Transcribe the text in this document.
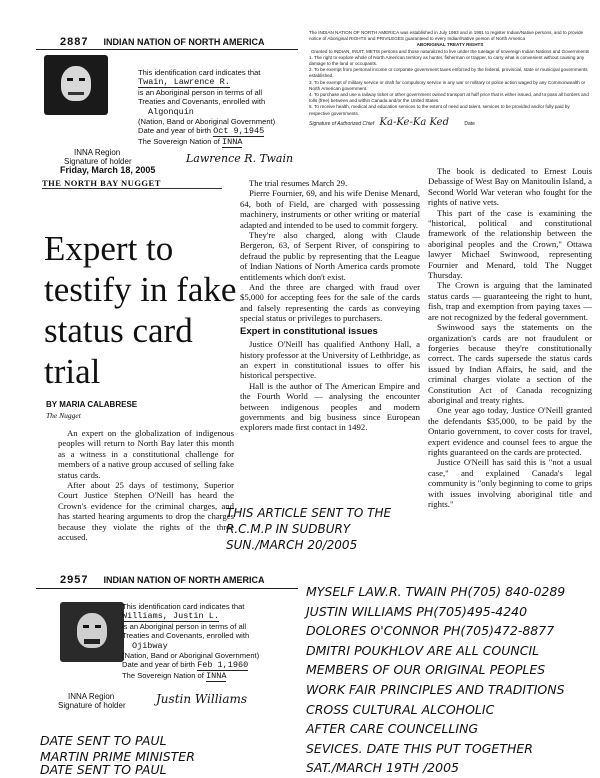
2887 INDIAN NATION OF NORTH AMERICA
This identification card indicates that
Twain, Lawrence R.
is an Aboriginal person in terms of all
Treaties and Covenants, enrolled with
Algonquin
(Nation, Band or Aboriginal Government)
Date and year of birth Oct 9,1945
The Sovereign Nation of INNA
INNA Region
Signature of holder	Lawrence R. Twain

The INDIAN NATION OF NORTH AMERICA was established in July 1993 and in 1991 to register Indian/Native persons, and to provide notice of Aboriginal RIGHTS and PRIVILEGES guaranteed to every Indian/Native person of North America

ABORIGINAL TREATY RIGHTS

Granted to INDIAN, INUIT, METIS persons and those naturalized to live under the tutelage of sovereign Indian Nations and Governments

1. The right to explore whole of North American territory as hunter, fisherman or trapper, to carry what is convenient without causing any damage to the land or occupants.

2. To be exempt from personal income or corporate government taxes enforced by the federal, provincial, state or municipal governments established.

3. To be exempt of military service or draft for compulsory service in any war or military or police action waged by any Commonwealth or North American government.

4. To purchase and use a railway ticket or other government owned transport at half price that is either issued, and to pass all borders and tolls (free) between and within Canada and/or the United States.

5. To receive health, medical and education services to the extent of need and talent, services to be provided and/or fully paid by respective governments.

Signature of Authorized Chief Ka-Ke-Ka Ked	Date

Friday, March 18, 2005
THE NORTH BAY NUGGET
Expert to testify in fake status card trial
BY MARIA CALABRESE
The Nugget

An expert on the globalization of indigenous peoples will return to North Bay later this month as a witness in a constitutional challenge for members of a native group accused of selling fake status cards.

After about 25 days of testimony, Superior Court Justice Stephen O'Neill has heard the Crown's evidence for the criminal charges, and has started hearing arguments to drop the charges because they violate the rights of the three accused.

The trial resumes March 29.

Pierre Fournier, 69, and his wife Denise Menard, 64, both of Field, are charged with possessing machinery, instruments or other writing or material adapted and intended to be used to commit forgery.

They're also charged, along with Claude Bergeron, 63, of Serpent River, of conspiring to defraud the public by representing that the League of Indian Nations of North America cards promote entitlements which don't exist.

And the three are charged with fraud over $5,000 for accepting fees for the sale of the cards and falsely representing the cards as conveying special status or privileges to purchasers.

Expert in constitutional issues

Justice O'Neill has qualified Anthony Hall, a history professor at the University of Lethbridge, as an expert in constitutional issues to offer his historical perspective.

Hall is the author of The American Empire and the Fourth World — analysing the encounter between indigenous peoples and modern governments and big business since European explorers made first contact in 1492.

The book is dedicated to Ernest Louis Debassige of West Bay on Manitoulin Island, a Second World War veteran who fought for the rights of native vets.

This part of the case is examining the "historical, political and constitutional framework of the relationship between the aboriginal peoples and the Crown," Ottawa lawyer Michael Swinwood, representing Fournier and Menard, told The Nugget Thursday.

The Crown is arguing that the laminated status cards — guaranteeing the right to hunt, fish, trap and exemption from paying taxes — are not recognized by the federal government.

Swinwood says the statements on the organization's cards are not fraudulent or forgeries because they're constitutionally correct. The cards supersede the status cards issued by Indian Affairs, he said, and the criminal charges violate a section of the Constitution Act of Canada recognizing aboriginal and treaty rights.

One year ago today, Justice O'Neill granted the defendants $35,000, to be paid by the Ontario government, to cover costs for travel, expert evidence and counsel fees to argue the rights guaranteed on the cards are protected.

Justice O'Neill has said this is "not a usual case," and explained Canada's legal community is "only beginning to come to grips with issues involving aboriginal title and rights."

THIS ARTICLE SENT TO THE
R.C.M.P IN SUDBURY
SUN./MARCH 20/2005
2957 INDIAN NATION OF NORTH AMERICA
This identification card indicates that
Williams, Justin L.
is an Aboriginal person in terms of all
Treaties and Covenants, enrolled with
Ojibway
(Nation, Band or Aboriginal Government)
Date and year of birth Feb 1,1960
The Sovereign Nation of INNA
INNA Region
Signature of holder	Justin Williams
MYSELF LAW.R. TWAIN PH(705) 840-0289
JUSTIN WILLIAMS PH(705)495-4240
DOLORES O'CONNOR PH(705)472-8877
DMITRI POUKHLOV ARE ALL COUNCIL
MEMBERS OF OUR ORIGINAL PEOPLES
WORK FAIR PRINCIPLES AND TRADITIONS
CROSS CULTURAL ALCOHOLIC
AFTER CARE COUNCELLING
SEVICES. DATE THIS PUT TOGETHER
SAT./MARCH 19TH /2005
DATE SENT TO PAUL
MARTIN PRIME MINISTER
DATE SENT TO PAUL
